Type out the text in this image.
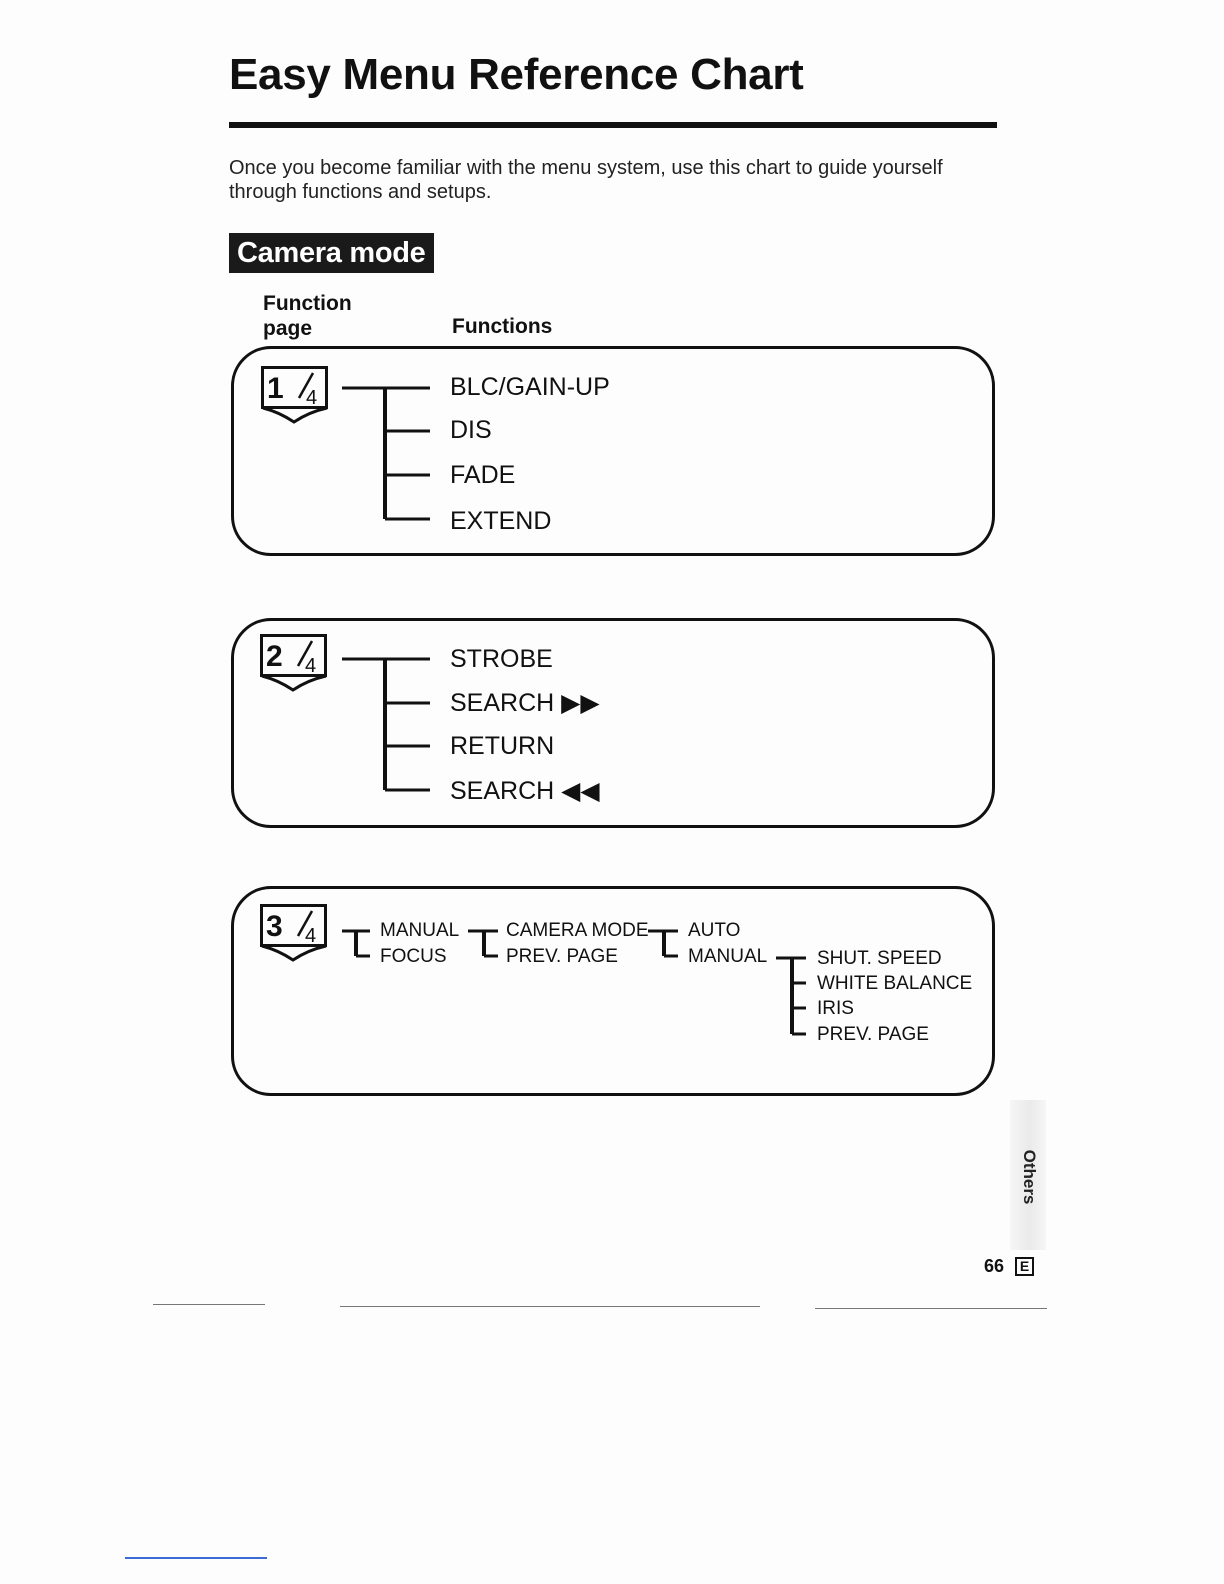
Easy Menu Reference Chart
Once you become familiar with the menu system, use this chart to guide yourself through functions and setups.
Camera mode
Function page	Functions
1 4	BLC/GAIN-UP
DIS
FADE
EXTEND
2 4	STROBE
SEARCH ▶▶
RETURN
SEARCH ◀◀
3 4	MANUAL
FOCUS
CAMERA MODE
PREV. PAGE
AUTO
MANUAL	SHUT. SPEED
WHITE BALANCE
IRIS
PREV. PAGE
Others
66	E
